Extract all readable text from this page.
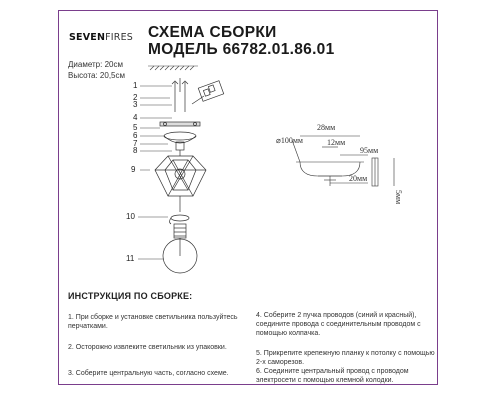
SEVENFIRES СХЕМА СБОРКИ
МОДЕЛЬ 66782.01.86.01
Диаметр: 20см
Высота: 20,5см
1
2
3
4
5
6
7
8
9
10
11
⌀100мм
28мм
12мм
95мм
20мм
5мм
ИНСТРУКЦИЯ ПО СБОРКЕ:
1. При сборке и установке светильника пользуйтесь перчатками.
2. Осторожно извлеките светильник из упаковки.
3. Соберите центральную часть, согласно схеме.
4. Соберите 2 пучка проводов (синий и красный), соедините провода с соединительным проводом с помощью колпачка.
5. Прикрепите крепежную планку к потолку с помощью 2-х саморезов.
6. Соедините центральный провод с проводом электросети с помощью клемной колодки.
